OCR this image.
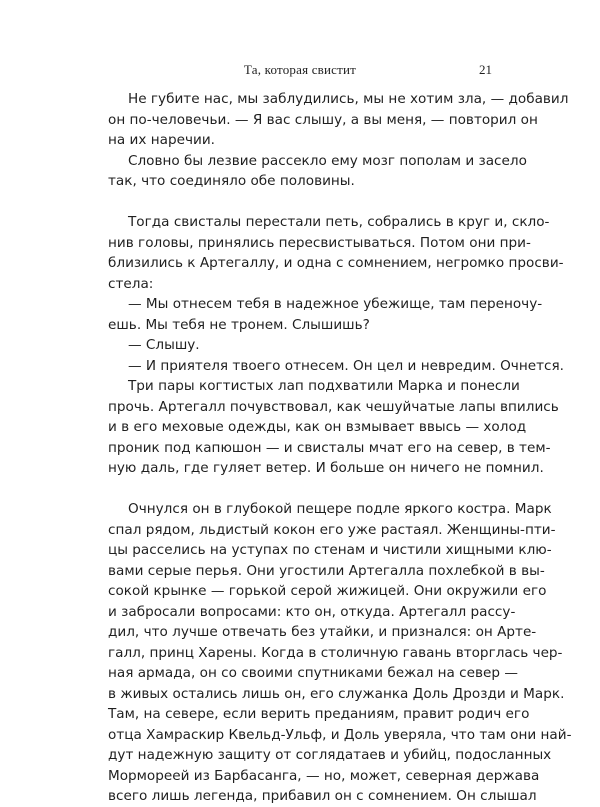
Та, которая свистит	21
Не губите нас, мы заблудились, мы не хотим зла, — добавил
он по-человечьи. — Я вас слышу, а вы меня, — повторил он
на их наречии.
Словно бы лезвие рассекло ему мозг пополам и засело
так, что соединяло обе половины.
Тогда свисталы перестали петь, собрались в круг и, скло-
нив головы, принялись пересвистываться. Потом они при-
близились к Артегаллу, и одна с сомнением, негромко просви-
стела:
— Мы отнесем тебя в надежное убежище, там переночу-
ешь. Мы тебя не тронем. Слышишь?
— Слышу.
— И приятеля твоего отнесем. Он цел и невредим. Очнется.
Три пары когтистых лап подхватили Марка и понесли
прочь. Артегалл почувствовал, как чешуйчатые лапы впились
и в его меховые одежды, как он взмывает ввысь — холод
проник под капюшон — и свисталы мчат его на север, в тем-
ную даль, где гуляет ветер. И больше он ничего не помнил.
Очнулся он в глубокой пещере подле яркого костра. Марк
спал рядом, льдистый кокон его уже растаял. Женщины-пти-
цы расселись на уступах по стенам и чистили хищными клю-
вами серые перья. Они угостили Артегалла похлебкой в вы-
сокой крынке — горькой серой жижицей. Они окружили его
и забросали вопросами: кто он, откуда. Артегалл рассу-
дил, что лучше отвечать без утайки, и признался: он Арте-
галл, принц Харены. Когда в столичную гавань вторглась чер-
ная армада, он со своими спутниками бежал на север —
в живых остались лишь он, его служанка Доль Дрозди и Марк.
Там, на севере, если верить преданиям, правит родич его
отца Хамраскир Квельд-Ульф, и Доль уверяла, что там они най-
дут надежную защиту от соглядатаев и убийц, подосланных
Мормореей из Барбасанга, — но, может, северная держава
всего лишь легенда, прибавил он с сомнением. Он слышал
